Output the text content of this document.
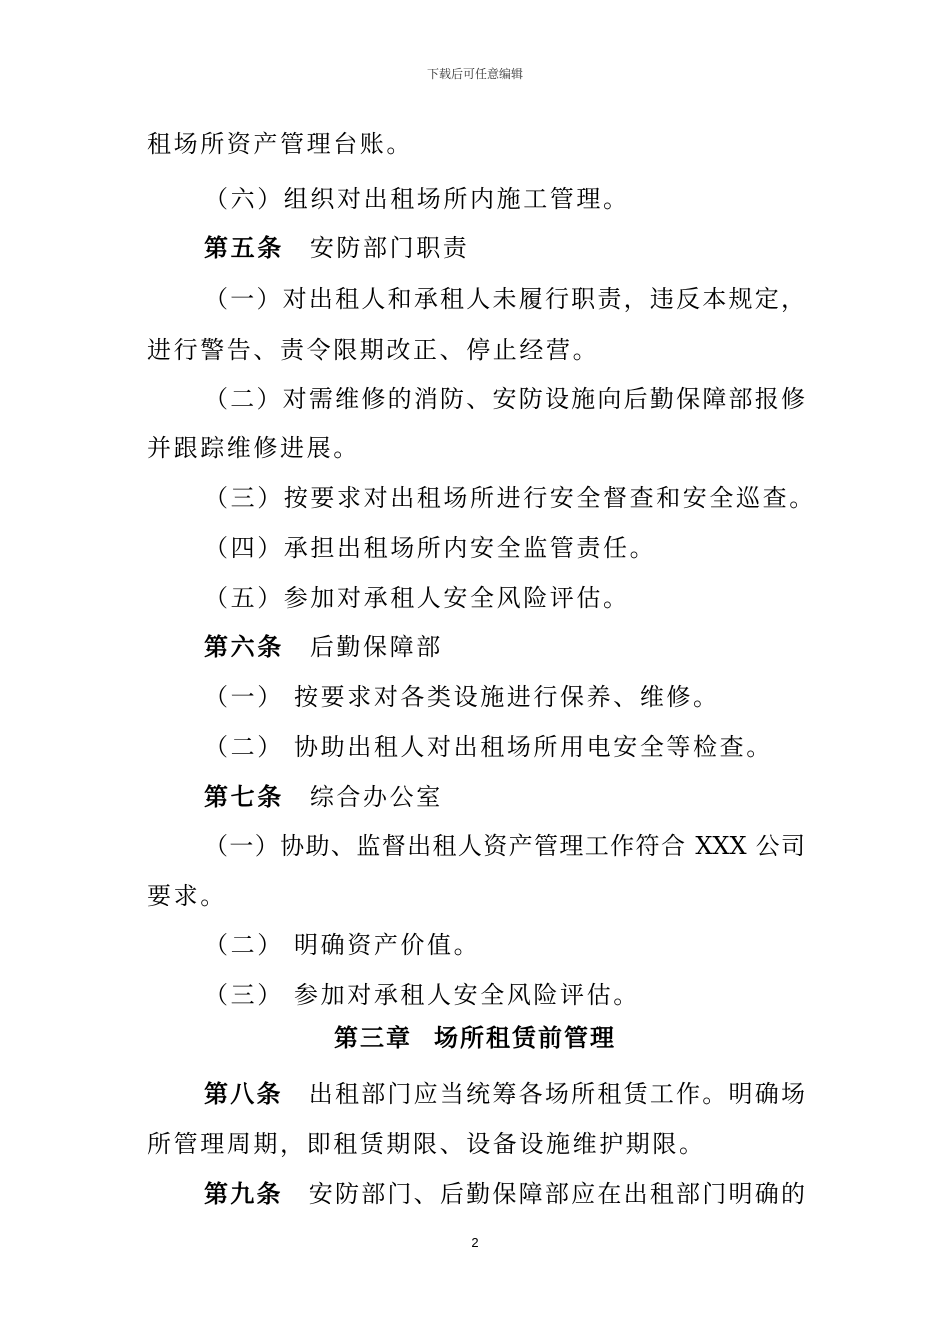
下载后可任意编辑
租场所资产管理台账。
（六）组织对出租场所内施工管理。
第五条 安防部门职责
（一）对出租人和承租人未履行职责，违反本规定，
进行警告、责令限期改正、停止经营。
（二）对需维修的消防、安防设施向后勤保障部报修
并跟踪维修进展。
（三）按要求对出租场所进行安全督查和安全巡查。
（四）承担出租场所内安全监管责任。
（五）参加对承租人安全风险评估。
第六条 后勤保障部
（一） 按要求对各类设施进行保养、维修。
（二） 协助出租人对出租场所用电安全等检查。
第七条 综合办公室
（一）协助、监督出租人资产管理工作符合 XXX 公司
要求。
（二） 明确资产价值。
（三） 参加对承租人安全风险评估。
第八条 出租部门应当统筹各场所租赁工作。明确场
所管理周期，即租赁期限、设备设施维护期限。
第九条 安防部门、后勤保障部应在出租部门明确的
第三章 场所租赁前管理
2
